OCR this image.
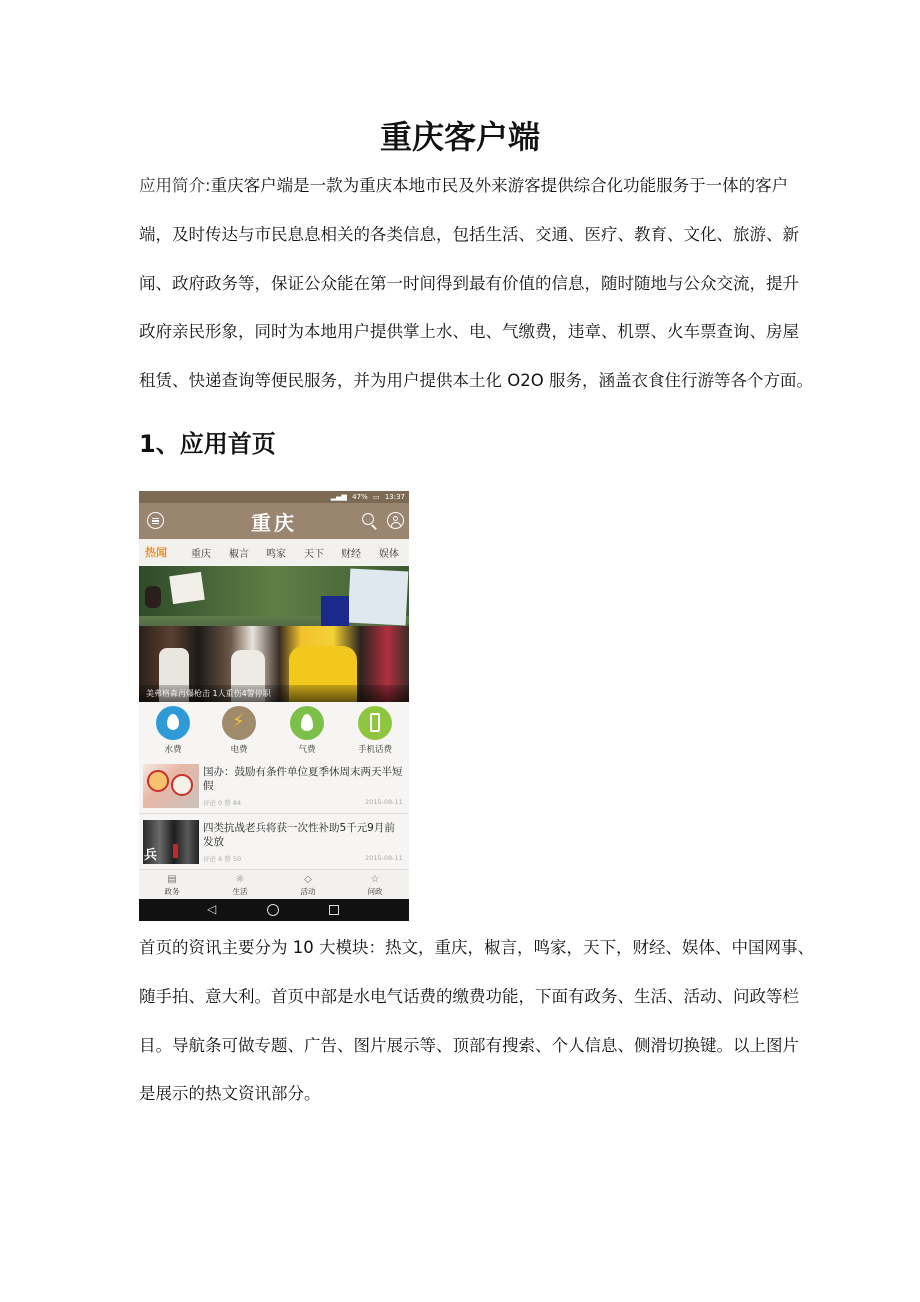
重庆客户端
应用简介:重庆客户端是一款为重庆本地市民及外来游客提供综合化功能服务于一体的客户
端，及时传达与市民息息相关的各类信息，包括生活、交通、医疗、教育、文化、旅游、新
闻、政府政务等，保证公众能在第一时间得到最有价值的信息，随时随地与公众交流，提升
政府亲民形象，同时为本地用户提供掌上水、电、气缴费，违章、机票、火车票查询、房屋
租赁、快递查询等便民服务，并为用户提供本土化 O2O 服务，涵盖衣食住行游等各个方面。
1、应用首页
▂▄▆ 47% ▭ 13:37
重庆
热闻 重庆 椒言 鸣家 天下 财经 娱体
美弗格森再爆枪击 1人重伤4警停职
水费
⚡
电费	气费	手机话费
国办：鼓励有条件单位夏季休周末两天半短假
评论 0 赞 84	2015-08-11
兵
四类抗战老兵将获一次性补助5千元9月前发放
评论 6 赞 50	2015-08-11
▤
政务
☼
生活
◇
活动
☆
问政
◁
首页的资讯主要分为 10 大模块：热文，重庆，椒言，鸣家，天下，财经、娱体、中国网事、
随手拍、意大利。首页中部是水电气话费的缴费功能，下面有政务、生活、活动、问政等栏
目。导航条可做专题、广告、图片展示等、顶部有搜索、个人信息、侧滑切换键。以上图片
是展示的热文资讯部分。
